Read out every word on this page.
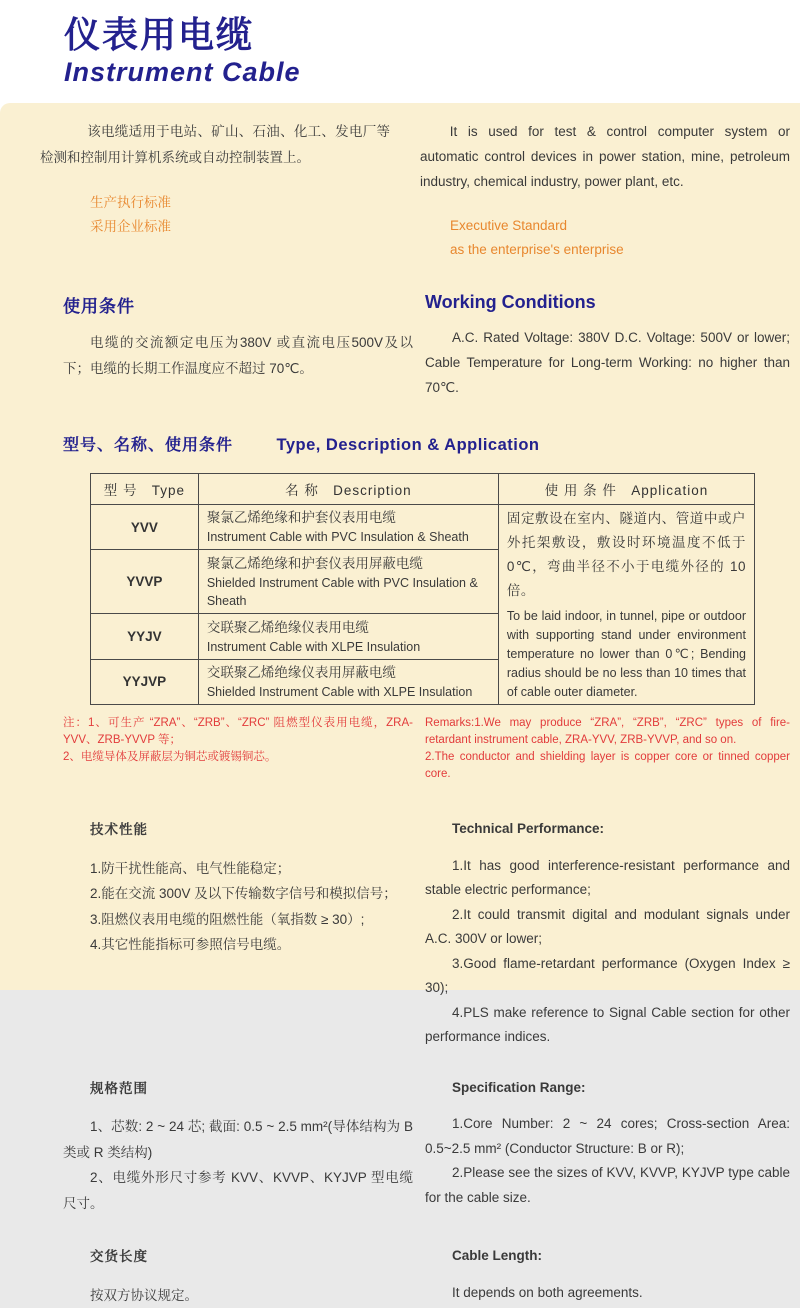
仪表用电缆
Instrument Cable

该电缆适用于电站、矿山、石油、化工、发电厂等检测和控制用计算机系统或自动控制装置上。

生产执行标准

采用企业标准

It is used for test & control computer system or automatic control devices in power station, mine, petroleum industry, chemical industry, power plant, etc.

Executive Standard

as the enterprise's enterprise

使用条件

电缆的交流额定电压为380V 或直流电压500V及以下；电缆的长期工作温度应不超过 70℃。

Working Conditions

A.C. Rated Voltage: 380V D.C. Voltage: 500V or lower; Cable Temperature for Long-term Working: no higher than 70℃.

型号、名称、使用条件	Type, Description & Application
型 号 Type	名 称 Description	使 用 条 件 Application
YVV	
聚氯乙烯绝缘和护套仪表用电缆
Instrument Cable with PVC Insulation & Sheath

固定敷设在室内、隧道内、管道中或户外托架敷设，敷设时环境温度不低于 0℃，弯曲半径不小于电缆外径的 10 倍。

To be laid indoor, in tunnel, pipe or outdoor with supporting stand under environment temperature no lower than 0℃; Bending radius should be no less than 10 times that of cable outer diameter.

YVVP	聚氯乙烯绝缘和护套仪表用屏蔽电缆
Shielded Instrument Cable with PVC Insulation & Sheath	

YYJV	交联聚乙烯绝缘仪表用电缆
Instrument Cable with XLPE Insulation	

YYJVP	交联聚乙烯绝缘仪表用屏蔽电缆
Shielded Instrument Cable with XLPE Insulation	

注：1、可生产 “ZRA”、“ZRB”、“ZRC” 阻燃型仪表用电缆，ZRA-YVV、ZRB-YVVP 等；

2、电缆导体及屏蔽层为铜芯或镀锡铜芯。

Remarks:1.We may produce “ZRA”, “ZRB”, “ZRC” types of fire-retardant instrument cable, ZRA-YVV, ZRB-YVVP, and so on.

2.The conductor and shielding layer is copper core or tinned copper core.

技术性能

1.防干扰性能高、电气性能稳定；

2.能在交流 300V 及以下传输数字信号和模拟信号；

3.阻燃仪表用电缆的阻燃性能（氧指数 ≥ 30）;

4.其它性能指标可参照信号电缆。

Technical Performance:

1.It has good interference-resistant performance and stable electric performance;

2.It could transmit digital and modulant signals under A.C. 300V or lower;

3.Good flame-retardant performance (Oxygen Index ≥ 30);

4.PLS make reference to Signal Cable section for other performance indices.

规格范围

1、芯数: 2 ~ 24 芯; 截面: 0.5 ~ 2.5 mm²(导体结构为 B 类或 R 类结构)

2、电缆外形尺寸参考 KVV、KVVP、KYJVP 型电缆尺寸。

Specification Range:

1.Core Number: 2 ~ 24 cores; Cross-section Area: 0.5~2.5 mm² (Conductor Structure: B or R);

2.Please see the sizes of KVV, KVVP, KYJVP type cable for the cable size.

交货长度

按双方协议规定。

Cable Length:

It depends on both agreements.
